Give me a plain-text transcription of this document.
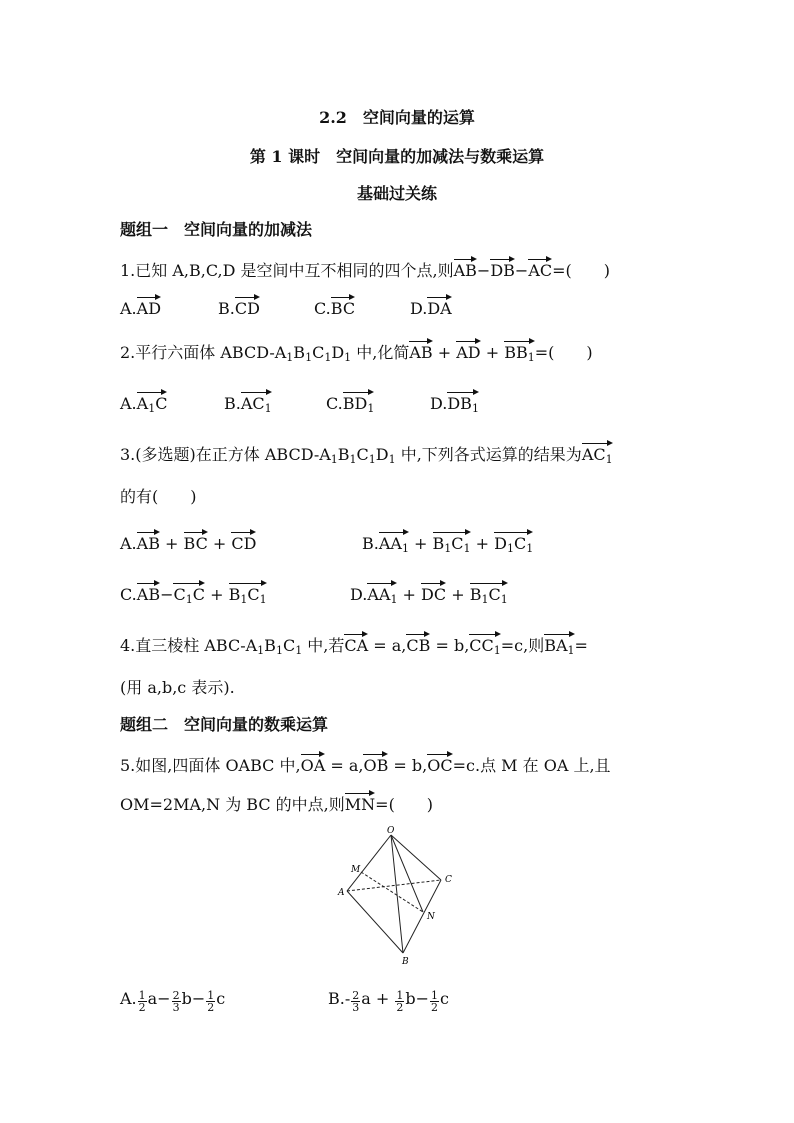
2.2　空间向量的运算
第 1 课时　空间向量的加减法与数乘运算
基础过关练
题组一　空间向量的加减法
1.已知 A,B,C,D 是空间中互不相同的四个点,则AB−DB−AC=(　　)
A.AD	B.CD	C.BC	D.DA
2.平行六面体 ABCD-$A_1B_1C_1D_1$ 中,化简AB + AD + $BB_1=$(　　)
$A.A_1C$	$B.AC_1$	$C.BD_1$	$D.DB_1$
3.(多选题)在正方体 ABCD-$A_1B_1C_1D_1$ 中,下列各式运算的结果为$AC_1$
的有(　　)
A.AB + BC + CD	$B.AA_1 + B_1C_1 + D_1C_1$
$C.AB-C_1C + B_1C_1$	$D.AA_1$ + DC + $B_1C_1$
4.直三棱柱 ABC-$A_1B_1C_1$ 中,若CA = $a,CB = b,CC_1=c$,则$BA_1=$
(用 a,b,c 表示).
题组二　空间向量的数乘运算
5.如图,四面体 OABC 中,OA = a,OB = b,OC=c.点 M 在 OA 上,且
OM=2MA,N 为 BC 的中点,则MN=(　　)
O
M
A
C
N
B
A. $\frac{1}{2} a- \frac{2}{3} b- \frac{1}{2}$ c	$B.- \frac{2}{3}$ $a + \frac{1}{2} b- \frac{1}{2}$ c
